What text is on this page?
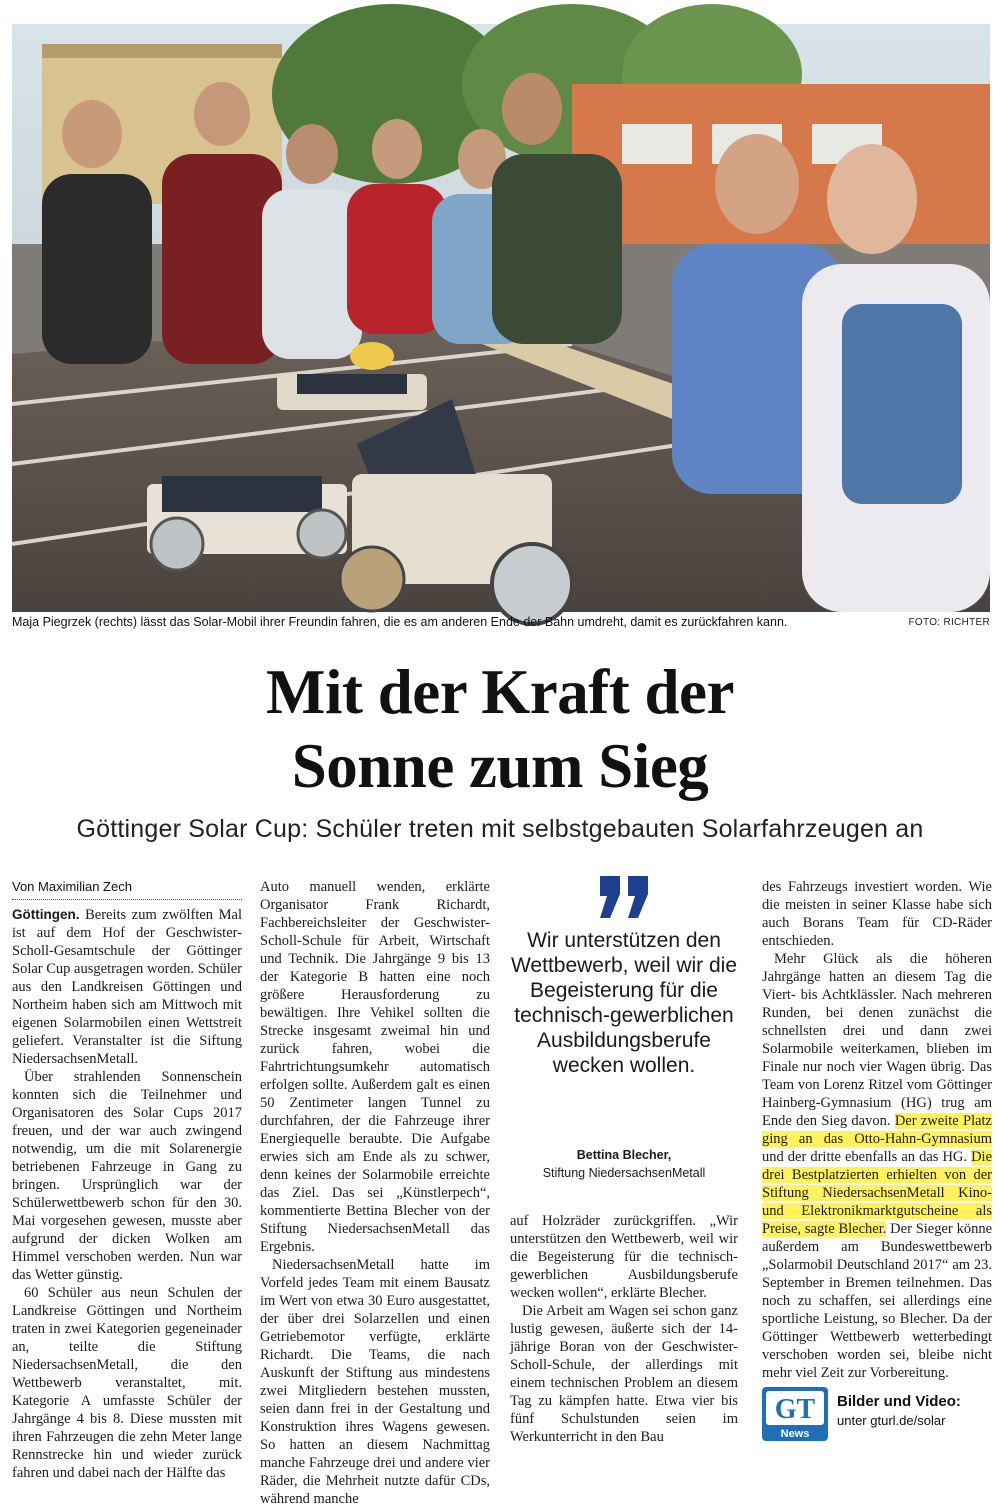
Maja Piegrzek (rechts) lässt das Solar-Mobil ihrer Freundin fahren, die es am anderen Ende der Bahn umdreht, damit es zurückfahren kann.	FOTO: RICHTER
Mit der Kraft der
Sonne zum Sieg
Göttinger Solar Cup: Schüler treten mit selbstgebauten Solarfahrzeugen an
Von Maximilian Zech

Göttingen. Bereits zum zwölften Mal ist auf dem Hof der Geschwister-Scholl-Gesamtschule der Göttinger Solar Cup ausgetragen worden. Schüler aus den Landkreisen Göttingen und Northeim haben sich am Mittwoch mit eigenen Solarmobilen einen Wettstreit geliefert. Veranstalter ist die Siftung NiedersachsenMetall.

Über strahlenden Sonnenschein konnten sich die Teilnehmer und Organisatoren des Solar Cups 2017 freuen, und der war auch zwingend notwendig, um die mit Solarenergie betriebenen Fahrzeuge in Gang zu bringen. Ursprünglich war der Schülerwettbewerb schon für den 30. Mai vorgesehen gewesen, musste aber aufgrund der dicken Wolken am Himmel verschoben werden. Nun war das Wetter günstig.

60 Schüler aus neun Schulen der Landkreise Göttingen und Northeim traten in zwei Kategorien gegeneinader an, teilte die Stiftung NiedersachsenMetall, die den Wettbewerb veranstaltet, mit. Kategorie A umfasste Schüler der Jahrgänge 4 bis 8. Diese mussten mit ihren Fahrzeugen die zehn Meter lange Rennstrecke hin und wieder zurück fahren und dabei nach der Hälfte das

Auto manuell wenden, erklärte Organisator Frank Richardt, Fachbereichsleiter der Geschwister-Scholl-Schule für Arbeit, Wirtschaft und Technik. Die Jahrgänge 9 bis 13 der Kategorie B hatten eine noch größere Herausforderung zu bewältigen. Ihre Vehikel sollten die Strecke insgesamt zweimal hin und zurück fahren, wobei die Fahrtrichtungsumkehr automatisch erfolgen sollte. Außerdem galt es einen 50 Zentimeter langen Tunnel zu durchfahren, der die Fahrzeuge ihrer Energiequelle beraubte. Die Aufgabe erwies sich am Ende als zu schwer, denn keines der Solarmobile erreichte das Ziel. Das sei „Künstlerpech“, kommentierte Bettina Blecher von der Stiftung NiedersachsenMetall das Ergebnis.

NiedersachsenMetall hatte im Vorfeld jedes Team mit einem Bausatz im Wert von etwa 30 Euro ausgestattet, der über drei Solarzellen und einen Getriebemotor verfügte, erklärte Richardt. Die Teams, die nach Auskunft der Stiftung aus mindestens zwei Mitgliedern bestehen mussten, seien dann frei in der Gestaltung und Konstruktion ihres Wagens gewesen. So hatten an diesem Nachmittag manche Fahrzeuge drei und andere vier Räder, die Mehrheit nutzte dafür CDs, während manche

Wir unterstützen den Wettbewerb, weil wir die Begeisterung für die technisch-gewerblichen Ausbildungsberufe wecken wollen.
Bettina Blecher,
Stiftung NiedersachsenMetall

auf Holzräder zurückgriffen. „Wir unterstützen den Wettbewerb, weil wir die Begeisterung für die technisch-gewerblichen Ausbildungsberufe wecken wollen“, erklärte Blecher.

Die Arbeit am Wagen sei schon ganz lustig gewesen, äußerte sich der 14-jährige Boran von der Geschwister-Scholl-Schule, der allerdings mit einem technischen Problem an diesem Tag zu kämpfen hatte. Etwa vier bis fünf Schulstunden seien im Werkunterricht in den Bau

des Fahrzeugs investiert worden. Wie die meisten in seiner Klasse habe sich auch Borans Team für CD-Räder entschieden.

Mehr Glück als die höheren Jahrgänge hatten an diesem Tag die Viert- bis Achtklässler. Nach mehreren Runden, bei denen zunächst die schnellsten drei und dann zwei Solarmobile weiterkamen, blieben im Finale nur noch vier Wagen übrig. Das Team von Lorenz Ritzel vom Göttinger Hainberg-Gymnasium (HG) trug am Ende den Sieg davon. Der zweite Platz ging an das Otto-Hahn-Gymnasium und der dritte ebenfalls an das HG. Die drei Bestplatzierten erhielten von der Stiftung NiedersachsenMetall Kino- und Elektronikmarktgutscheine als Preise, sagte Blecher. Der Sieger könne außerdem am Bundeswettbewerb „Solarmobil Deutschland 2017“ am 23. September in Bremen teilnehmen. Das noch zu schaffen, sei allerdings eine sportliche Leistung, so Blecher. Da der Göttinger Wettbewerb wetterbedingt verschoben worden sei, bleibe nicht mehr viel Zeit zur Vorbereitung.

GT
News
Bilder und Video:
unter gturl.de/solar
